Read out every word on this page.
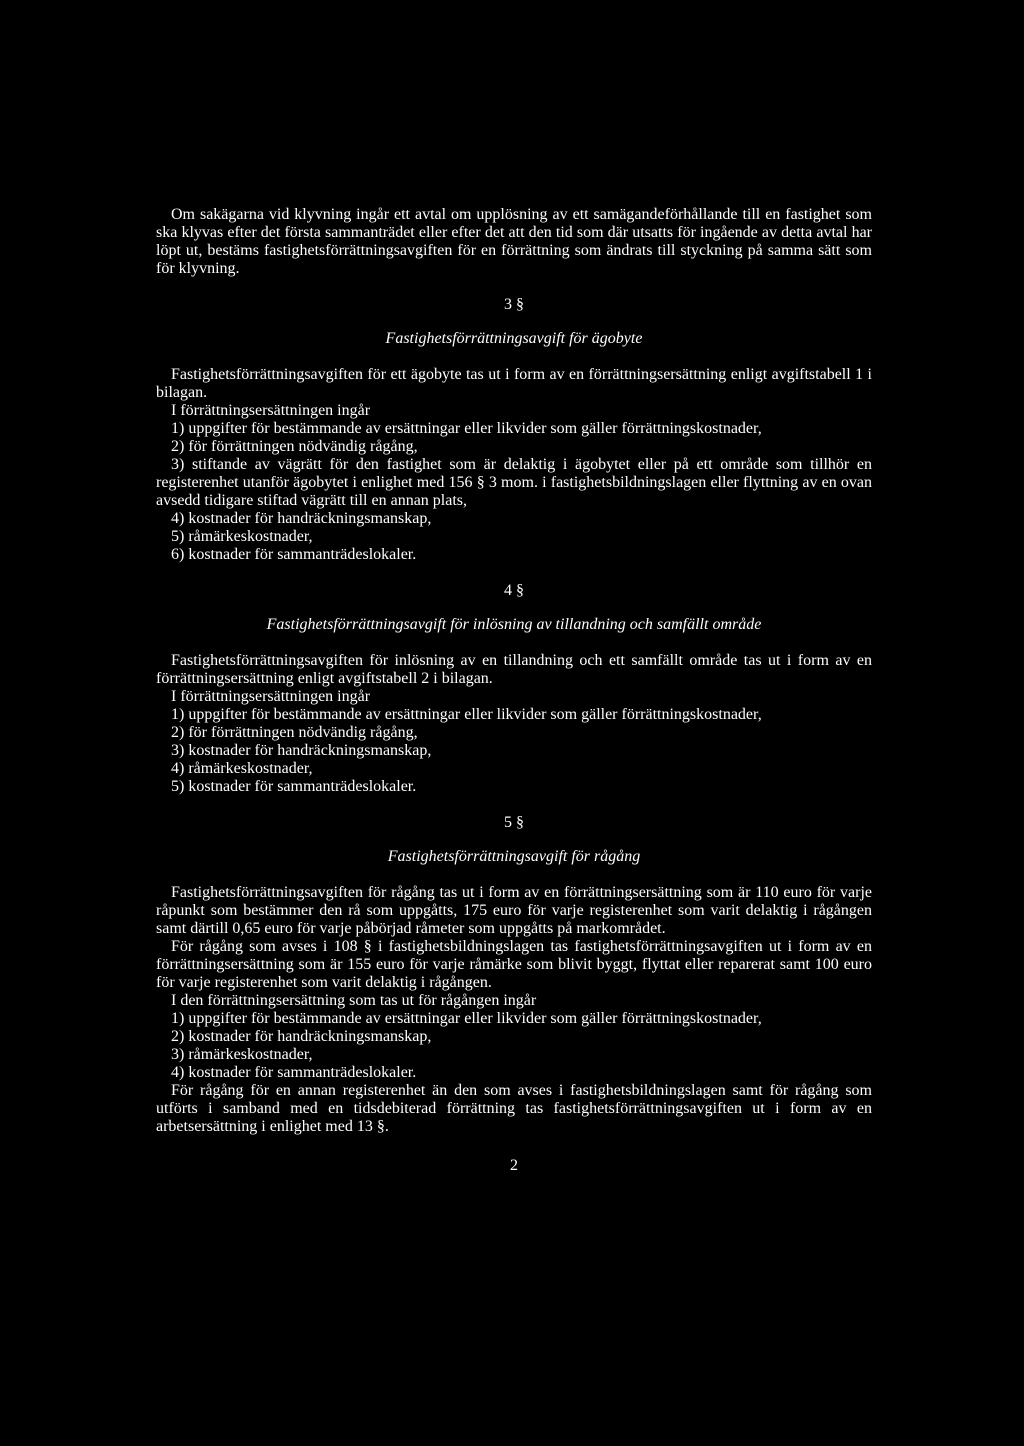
Om sakägarna vid klyvning ingår ett avtal om upplösning av ett samägandeförhållande till en fastighet som ska klyvas efter det första sammanträdet eller efter det att den tid som där utsatts för ingående av detta avtal har löpt ut, bestäms fastighetsförrättningsavgiften för en förrättning som ändrats till styckning på samma sätt som för klyvning.

3 §

Fastighetsförrättningsavgift för ägobyte

Fastighetsförrättningsavgiften för ett ägobyte tas ut i form av en förrättningsersättning enligt avgiftstabell 1 i bilagan.

I förrättningsersättningen ingår

1) uppgifter för bestämmande av ersättningar eller likvider som gäller förrättningskostnader,

2) för förrättningen nödvändig rågång,

3) stiftande av vägrätt för den fastighet som är delaktig i ägobytet eller på ett område som tillhör en registerenhet utanför ägobytet i enlighet med 156 § 3 mom. i fastighetsbildningslagen eller flyttning av en ovan avsedd tidigare stiftad vägrätt till en annan plats,

4) kostnader för handräckningsmanskap,

5) råmärkeskostnader,

6) kostnader för sammanträdeslokaler.

4 §

Fastighetsförrättningsavgift för inlösning av tillandning och samfällt område

Fastighetsförrättningsavgiften för inlösning av en tillandning och ett samfällt område tas ut i form av en förrättningsersättning enligt avgiftstabell 2 i bilagan.

I förrättningsersättningen ingår

1) uppgifter för bestämmande av ersättningar eller likvider som gäller förrättningskostnader,

2) för förrättningen nödvändig rågång,

3) kostnader för handräckningsmanskap,

4) råmärkeskostnader,

5) kostnader för sammanträdeslokaler.

5 §

Fastighetsförrättningsavgift för rågång

Fastighetsförrättningsavgiften för rågång tas ut i form av en förrättningsersättning som är 110 euro för varje råpunkt som bestämmer den rå som uppgåtts, 175 euro för varje registerenhet som varit delaktig i rågången samt därtill 0,65 euro för varje påbörjad råmeter som uppgåtts på markområdet.

För rågång som avses i 108 § i fastighetsbildningslagen tas fastighetsförrättningsavgiften ut i form av en förrättningsersättning som är 155 euro för varje råmärke som blivit byggt, flyttat eller reparerat samt 100 euro för varje registerenhet som varit delaktig i rågången.

I den förrättningsersättning som tas ut för rågången ingår

1) uppgifter för bestämmande av ersättningar eller likvider som gäller förrättningskostnader,

2) kostnader för handräckningsmanskap,

3) råmärkeskostnader,

4) kostnader för sammanträdeslokaler.

För rågång för en annan registerenhet än den som avses i fastighetsbildningslagen samt för rågång som utförts i samband med en tidsdebiterad förrättning tas fastighetsförrättningsavgiften ut i form av en arbetsersättning i enlighet med 13 §.

2
